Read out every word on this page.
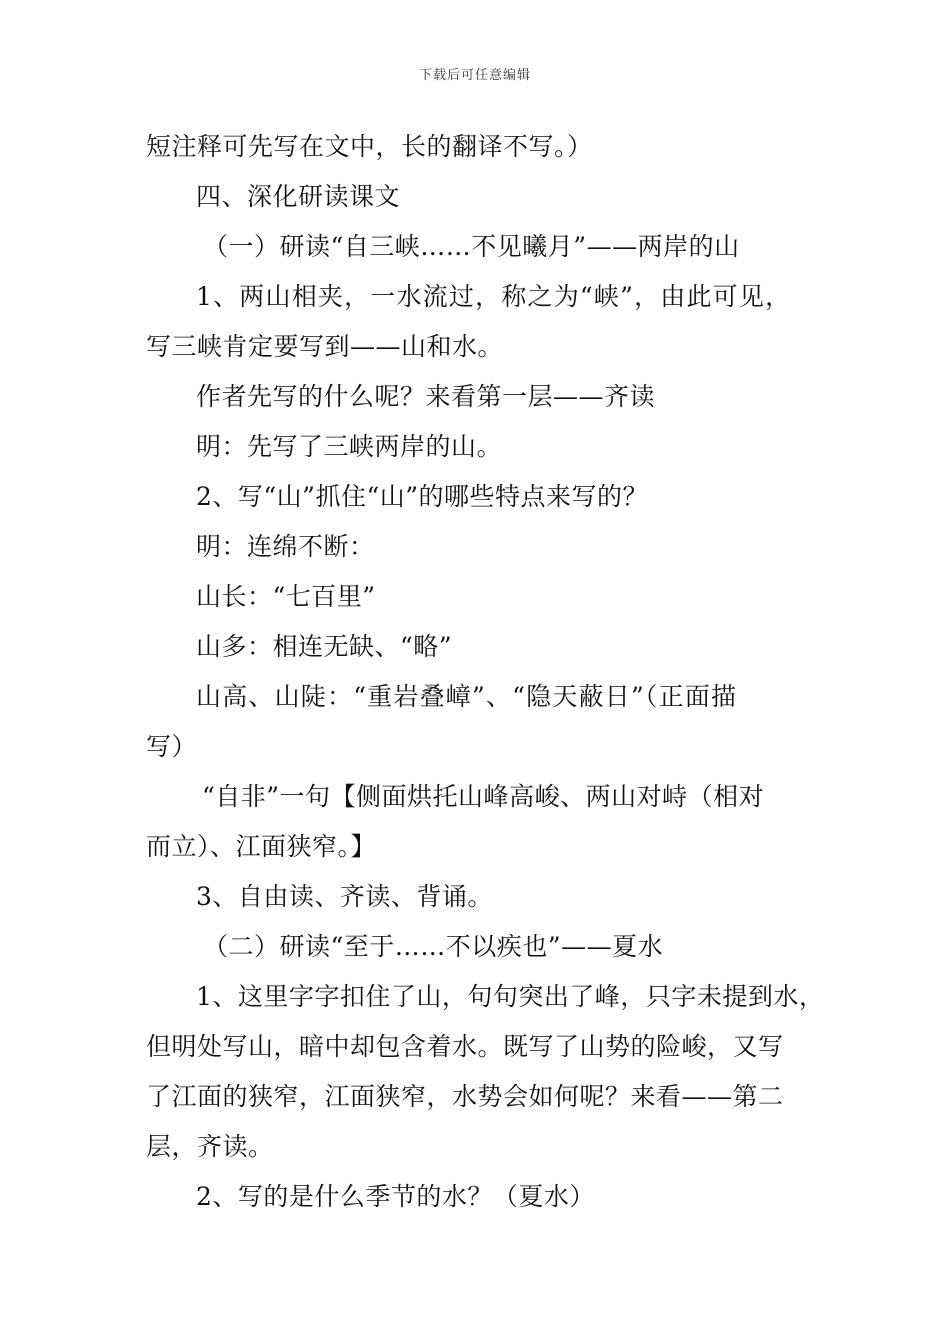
下载后可任意编辑
短注释可先写在文中，长的翻译不写。）
四、深化研读课文
（一）研读“自三峡……不见曦月”——两岸的山
1、两山相夹，一水流过，称之为“峡”，由此可见，
写三峡肯定要写到——山和水。
作者先写的什么呢？来看第一层——齐读
明：先写了三峡两岸的山。
2、写“山”抓住“山”的哪些特点来写的？
明：连绵不断：
山长：“七百里”
山多：相连无缺、“略”
山高、山陡：“重岩叠嶂”、“隐天蔽日”（正面描
写）
“自非”一句【侧面烘托山峰高峻、两山对峙（相对
而立）、江面狭窄。】
3、自由读、齐读、背诵。
（二）研读“至于……不以疾也”——夏水
1、这里字字扣住了山，句句突出了峰，只字未提到水，
但明处写山，暗中却包含着水。既写了山势的险峻，又写
了江面的狭窄，江面狭窄，水势会如何呢？来看——第二
层，齐读。
2、写的是什么季节的水？（夏水）
